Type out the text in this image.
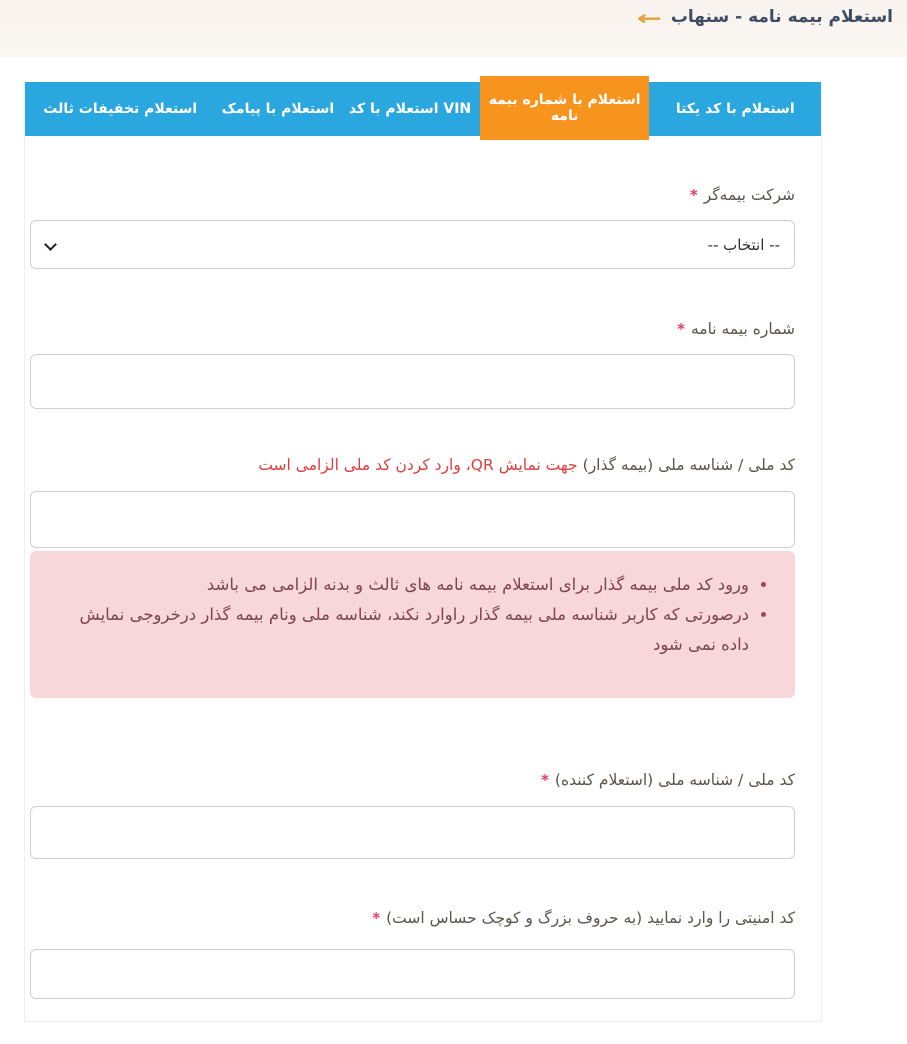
استعلام بیمه نامه - سنهاب
←
استعلام با کد یکتا
استعلام با شماره بیمه نامه
استعلام با کد VIN
استعلام با پیامک
استعلام تخفیفات ثالث
شرکت بیمه‌گر*
-- انتخاب --
شماره بیمه نامه*
کد ملی / شناسه ملی (بیمه گذار)جهت نمایش QR، وارد کردن کد ملی الزامی است
• ورود کد ملی بیمه گذار برای استعلام بیمه نامه های ثالث و بدنه الزامی می باشد
• درصورتی که کاربر شناسه ملی بیمه گذار راوارد نکند، شناسه ملی ونام بیمه گذار درخروجی نمایش داده نمی شود
کد ملی / شناسه ملی (استعلام کننده)*
کد امنیتی را وارد نمایید (به حروف بزرگ و کوچک حساس است)*
